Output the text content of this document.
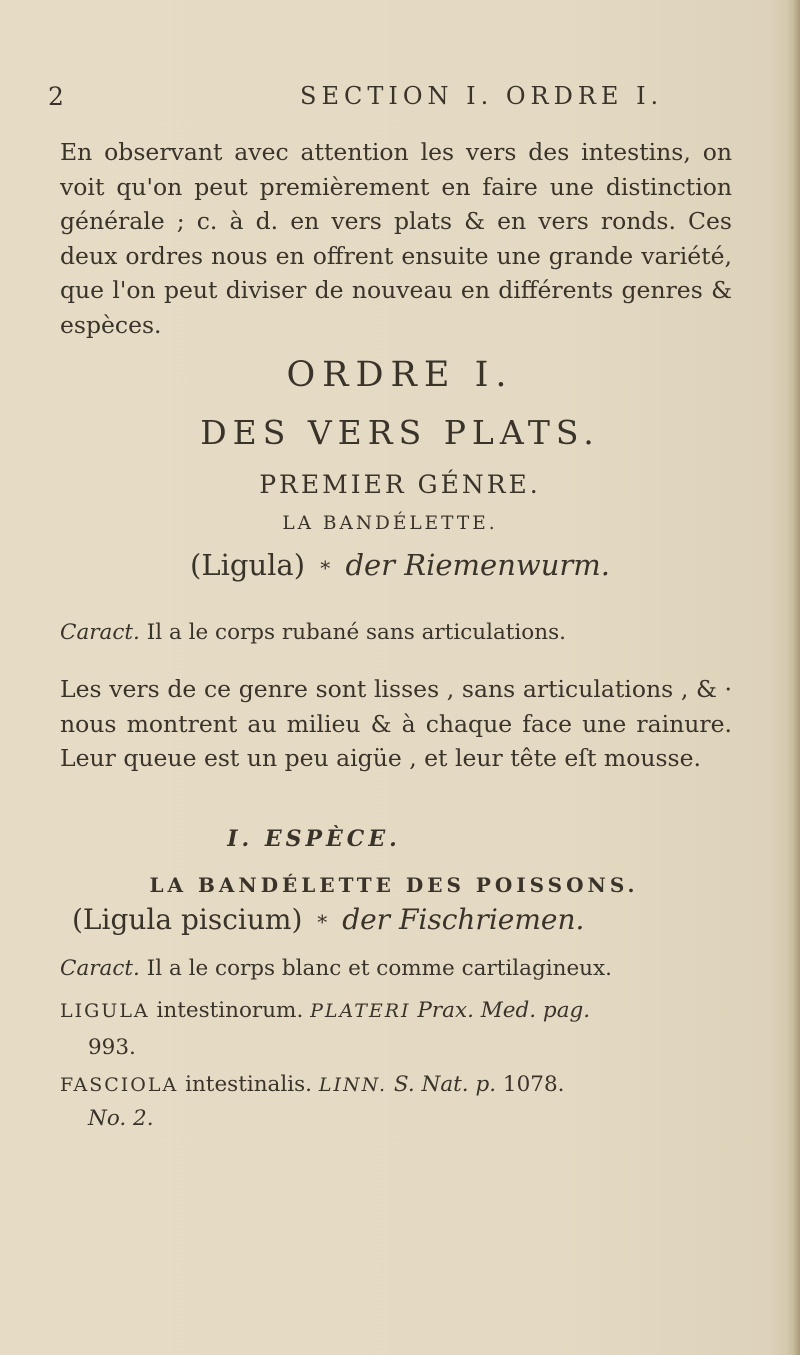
2	SECTION I. ORDRE I.

En observant avec attention les vers des intestins, on voit qu'on peut premièrement en faire une distinction générale ; c. à d. en vers plats & en vers ronds. Ces deux ordres nous en offrent ensuite une grande variété, que l'on peut diviser de nouveau en différents genres & espèces.

ORDRE I.
DES VERS PLATS.
PREMIER GÉNRE.
LA BANDÉLETTE.
(Ligula) * der Riemenwurm.
Caract. Il a le corps rubané sans articulations.

Les vers de ce genre sont lisses , sans articulations , & · nous montrent au milieu & à chaque face une rainure. Leur queue est un peu aigüe , et leur tête eſt mousse.

I. ESPÈCE.
LA BANDÉLETTE DES POISSONS.
(Ligula piscium) * der Fischriemen.
Caract. Il a le corps blanc et comme cartilagineux.
LIGULA intestinorum. PLATERI Prax. Med. pag.
993.
FASCIOLA intestinalis. LINN. S. Nat. p. 1078.
No. 2.
